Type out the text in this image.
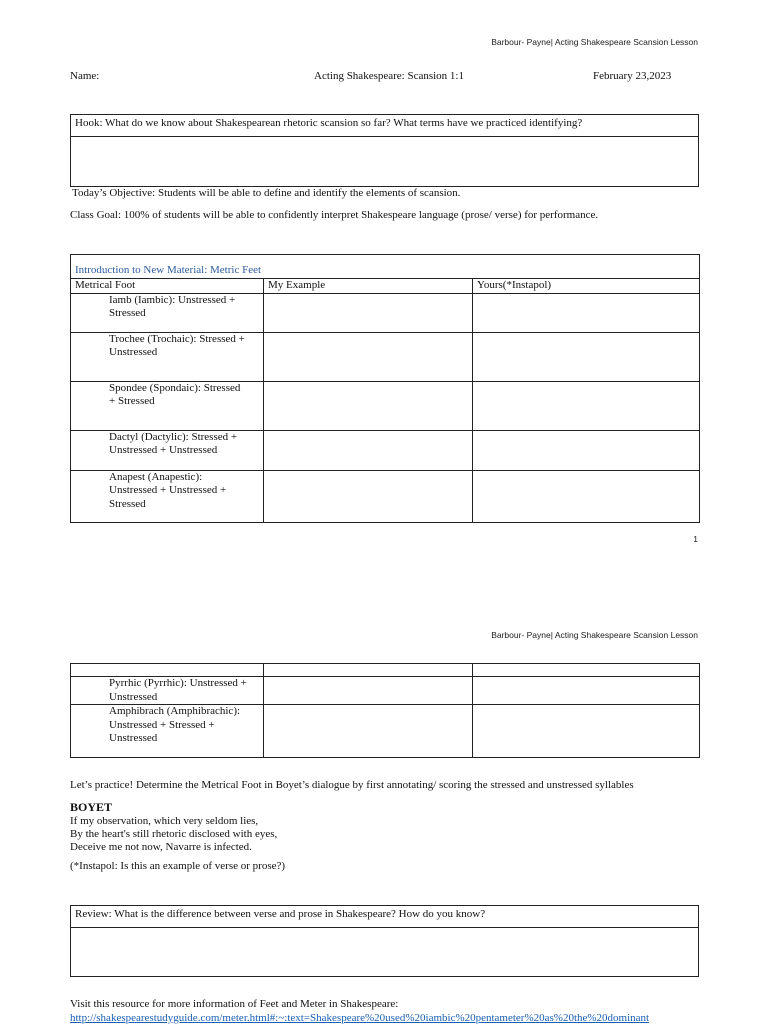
Barbour- Payne| Acting Shakespeare Scansion Lesson
Name:	Acting Shakespeare: Scansion 1:1	February 23,2023
Hook: What do we know about Shakespearean rhetoric scansion so far? What terms have we practiced identifying?
Today’s Objective: Students will be able to define and identify the elements of scansion.
Class Goal: 100% of students will be able to confidently interpret Shakespeare language (prose/ verse) for performance.
Introduction to New Material: Metric Feet		
Metrical Foot	My Example	Yours(*Instapol)
Iamb (Iambic): Unstressed +
Stressed		
Trochee (Trochaic): Stressed +
Unstressed		
Spondee (Spondaic): Stressed
+ Stressed		
Dactyl (Dactylic): Stressed +
Unstressed + Unstressed		
Anapest (Anapestic):
Unstressed + Unstressed +
Stressed		
1
Barbour- Payne| Acting Shakespeare Scansion Lesson

Pyrrhic (Pyrrhic): Unstressed +
Unstressed		
Amphibrach (Amphibrachic):
Unstressed + Stressed +
Unstressed		
Let’s practice! Determine the Metrical Foot in Boyet’s dialogue by first annotating/ scoring the stressed and unstressed syllables
BOYET
If my observation, which very seldom lies,
By the heart's still rhetoric disclosed with eyes,
Deceive me not now, Navarre is infected.
(*Instapol: Is this an example of verse or prose?)
Review: What is the difference between verse and prose in Shakespeare? How do you know?
Visit this resource for more information of Feet and Meter in Shakespeare:
http://shakespearestudyguide.com/meter.html#:~:text=Shakespeare%20used%20iambic%20pentameter%20as%20the%20dominant
